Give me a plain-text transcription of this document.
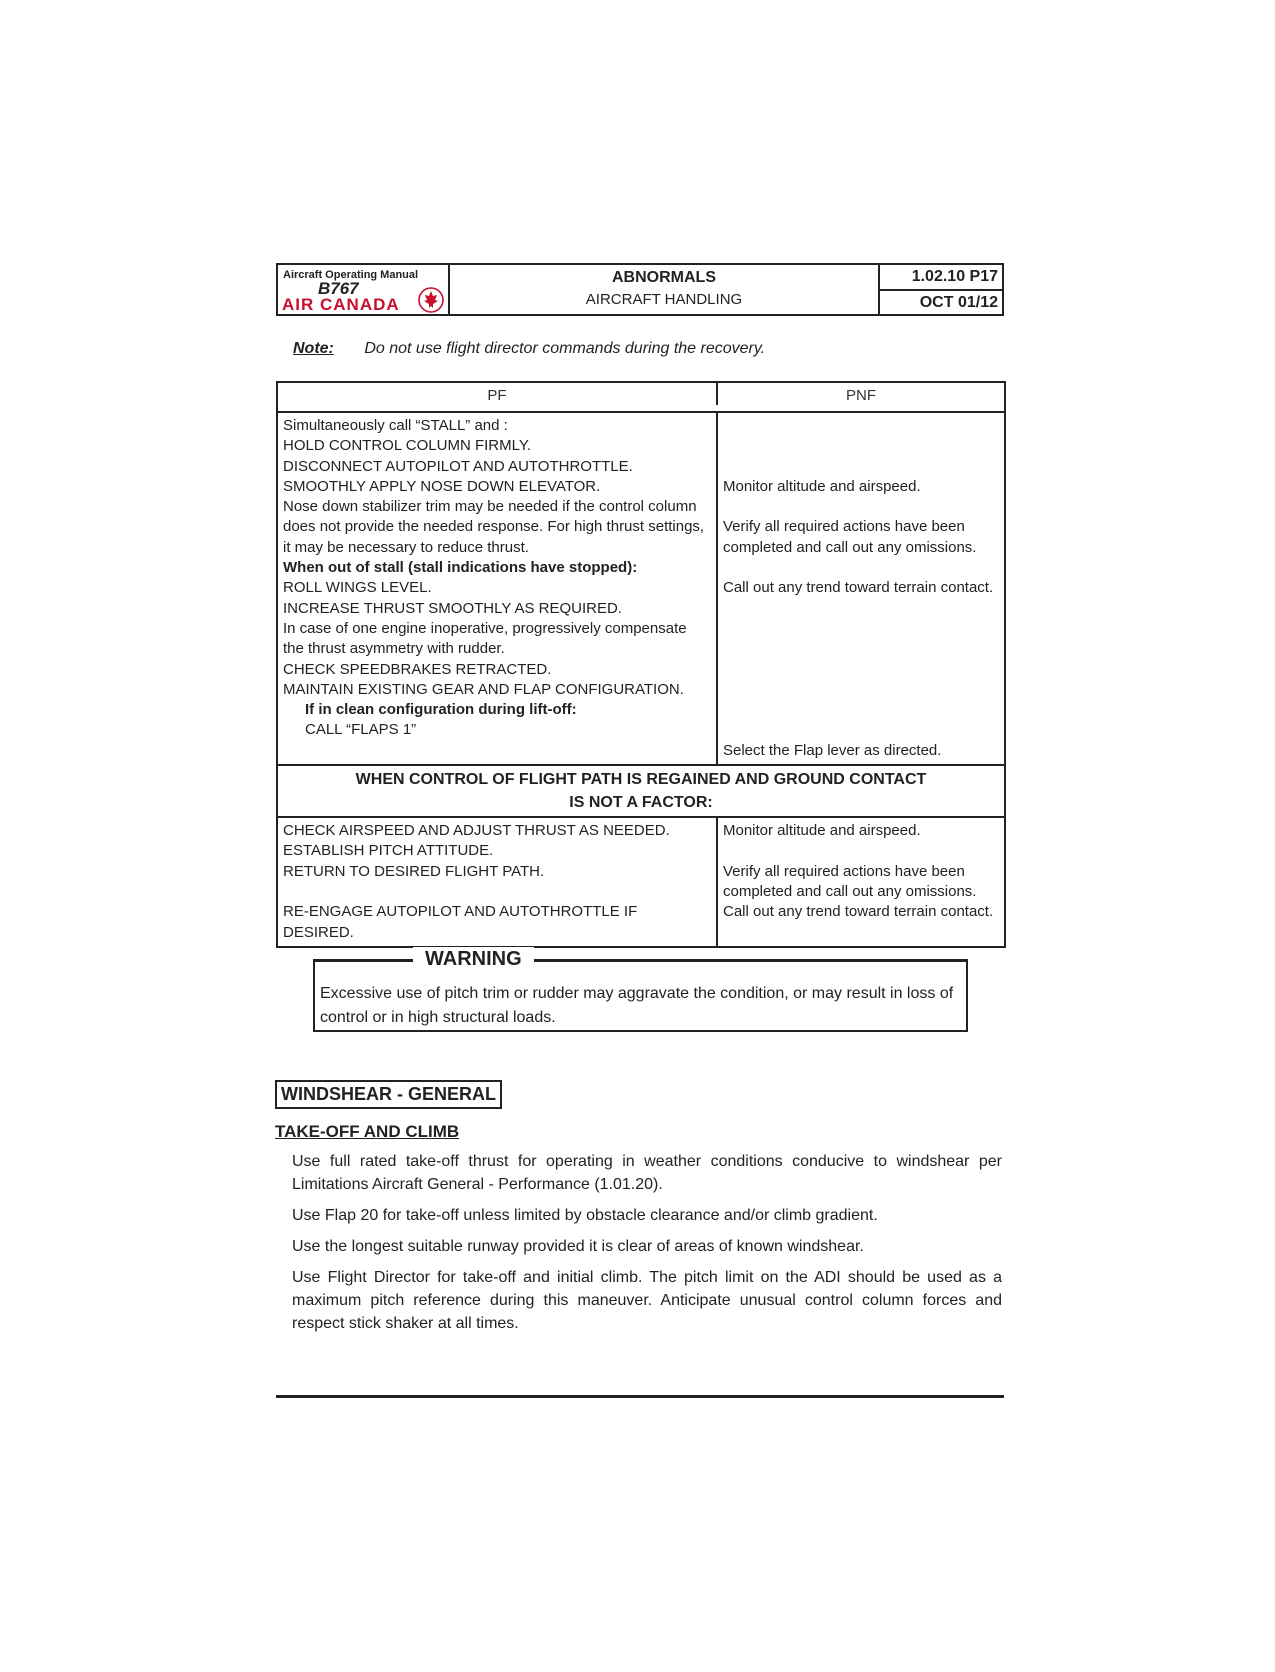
Aircraft Operating Manual
B767
AIR CANADA
ABNORMALS
AIRCRAFT HANDLING
1.02.10 P17
OCT 01/12
Note: Do not use flight director commands during the recovery.
PF	PNF
Simultaneously call “STALL” and :
HOLD CONTROL COLUMN FIRMLY.
DISCONNECT AUTOPILOT AND AUTOTHROTTLE.
SMOOTHLY APPLY NOSE DOWN ELEVATOR.
Nose down stabilizer trim may be needed if the control column does not provide the needed response. For high thrust settings, it may be necessary to reduce thrust.
When out of stall (stall indications have stopped):
ROLL WINGS LEVEL.
INCREASE THRUST SMOOTHLY AS REQUIRED.
In case of one engine inoperative, progressively compensate the thrust asymmetry with rudder.
CHECK SPEEDBRAKES RETRACTED.
MAINTAIN EXISTING GEAR AND FLAP CONFIGURATION.
If in clean configuration during lift-off:
CALL “FLAPS 1”
Monitor altitude and airspeed.
Verify all required actions have been completed and call out any omissions.
Call out any trend toward terrain contact.
Select the Flap lever as directed.
WHEN CONTROL OF FLIGHT PATH IS REGAINED AND GROUND CONTACT IS NOT A FACTOR:
CHECK AIRSPEED AND ADJUST THRUST AS NEEDED.
ESTABLISH PITCH ATTITUDE.
RETURN TO DESIRED FLIGHT PATH.
RE-ENGAGE AUTOPILOT AND AUTOTHROTTLE IF DESIRED.
Monitor altitude and airspeed.
Verify all required actions have been completed and call out any omissions.
Call out any trend toward terrain contact.
Excessive use of pitch trim or rudder may aggravate the condition, or may result in loss of control or in high structural loads.
WARNING
WINDSHEAR - GENERAL
TAKE-OFF AND CLIMB
Use full rated take-off thrust for operating in weather conditions conducive to windshear per Limitations Aircraft General - Performance (1.01.20).
Use Flap 20 for take-off unless limited by obstacle clearance and/or climb gradient.
Use the longest suitable runway provided it is clear of areas of known windshear.
Use Flight Director for take-off and initial climb. The pitch limit on the ADI should be used as a maximum pitch reference during this maneuver. Anticipate unusual control column forces and respect stick shaker at all times.
